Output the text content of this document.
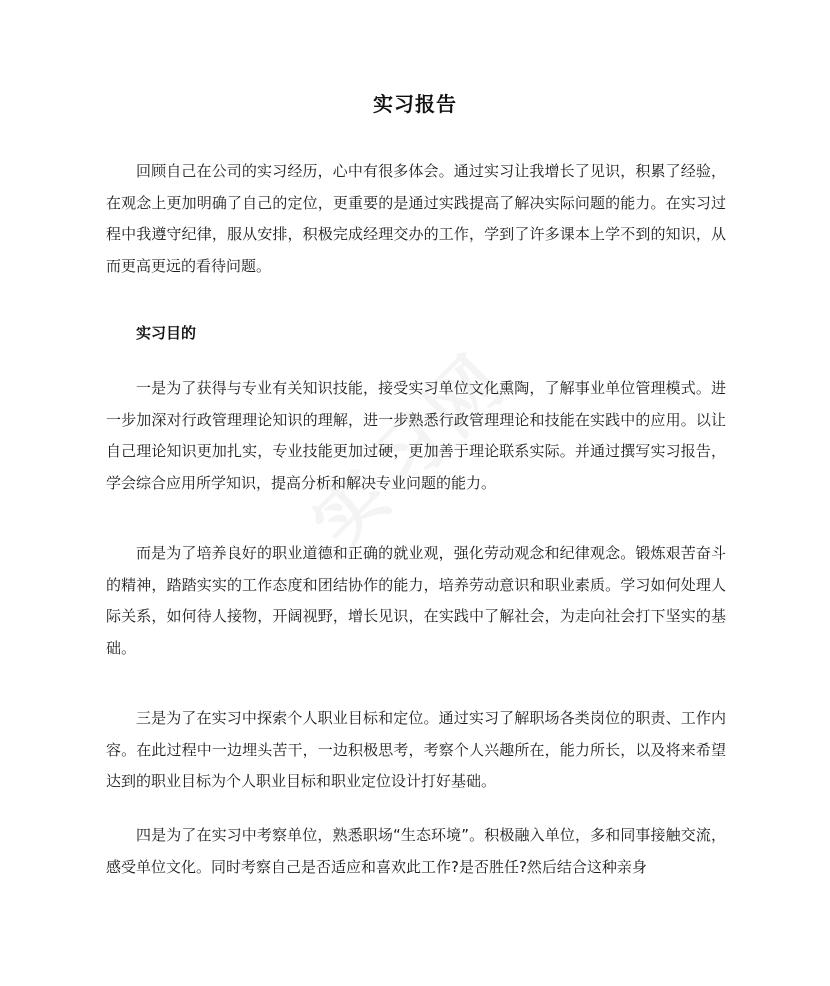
实习报告

回顾自己在公司的实习经历，心中有很多体会。通过实习让我增长了见识，积累了经验，在观念上更加明确了自己的定位，更重要的是通过实践提高了解决实际问题的能力。在实习过程中我遵守纪律，服从安排，积极完成经理交办的工作，学到了许多课本上学不到的知识，从而更高更远的看待问题。

实习目的

一是为了获得与专业有关知识技能，接受实习单位文化熏陶，了解事业单位管理模式。进一步加深对行政管理理论知识的理解，进一步熟悉行政管理理论和技能在实践中的应用。以让自己理论知识更加扎实，专业技能更加过硬，更加善于理论联系实际。并通过撰写实习报告，学会综合应用所学知识，提高分析和解决专业问题的能力。

而是为了培养良好的职业道德和正确的就业观，强化劳动观念和纪律观念。锻炼艰苦奋斗的精神，踏踏实实的工作态度和团结协作的能力，培养劳动意识和职业素质。学习如何处理人际关系，如何待人接物，开阔视野，增长见识，在实践中了解社会，为走向社会打下坚实的基础。

三是为了在实习中探索个人职业目标和定位。通过实习了解职场各类岗位的职责、工作内容。在此过程中一边埋头苦干，一边积极思考，考察个人兴趣所在，能力所长，以及将来希望达到的职业目标为个人职业目标和职业定位设计打好基础。

四是为了在实习中考察单位，熟悉职场“生态环境”。积极融入单位，多和同事接触交流，感受单位文化。同时考察自己是否适应和喜欢此工作?是否胜任?然后结合这种亲身
